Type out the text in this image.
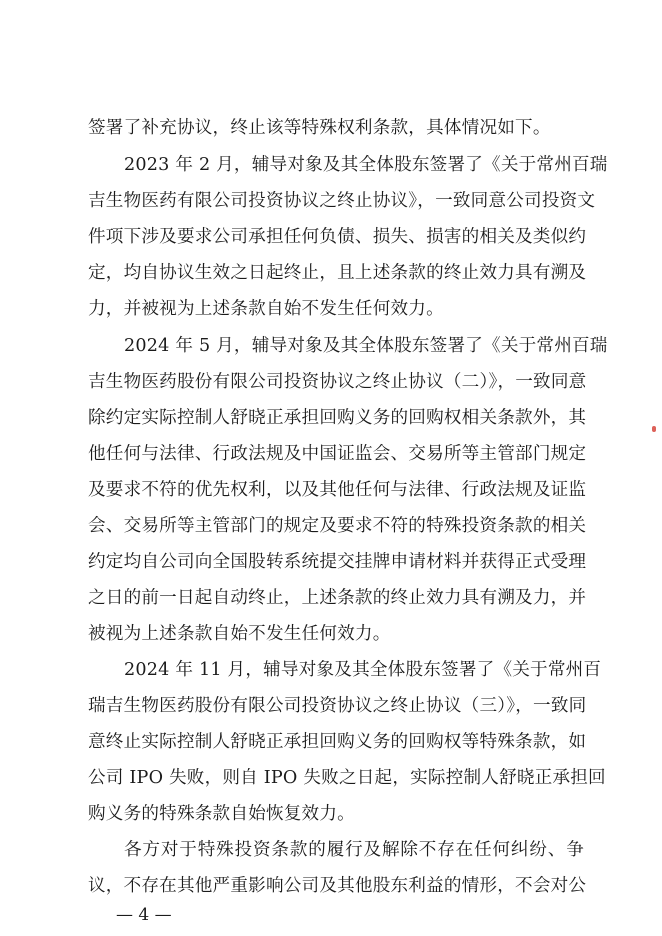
签署了补充协议，终止该等特殊权利条款，具体情况如下。
2023 年 2 月，辅导对象及其全体股东签署了《关于常州百瑞
吉生物医药有限公司投资协议之终止协议》，一致同意公司投资文
件项下涉及要求公司承担任何负债、损失、损害的相关及类似约
定，均自协议生效之日起终止，且上述条款的终止效力具有溯及
力，并被视为上述条款自始不发生任何效力。
2024 年 5 月，辅导对象及其全体股东签署了《关于常州百瑞
吉生物医药股份有限公司投资协议之终止协议（二）》，一致同意
除约定实际控制人舒晓正承担回购义务的回购权相关条款外，其
他任何与法律、行政法规及中国证监会、交易所等主管部门规定
及要求不符的优先权利，以及其他任何与法律、行政法规及证监
会、交易所等主管部门的规定及要求不符的特殊投资条款的相关
约定均自公司向全国股转系统提交挂牌申请材料并获得正式受理
之日的前一日起自动终止，上述条款的终止效力具有溯及力，并
被视为上述条款自始不发生任何效力。
2024 年 11 月，辅导对象及其全体股东签署了《关于常州百
瑞吉生物医药股份有限公司投资协议之终止协议（三）》，一致同
意终止实际控制人舒晓正承担回购义务的回购权等特殊条款，如
公司 IPO 失败，则自 IPO 失败之日起，实际控制人舒晓正承担回
购义务的特殊条款自始恢复效力。
各方对于特殊投资条款的履行及解除不存在任何纠纷、争
议，不存在其他严重影响公司及其他股东利益的情形，不会对公
— 4 —
